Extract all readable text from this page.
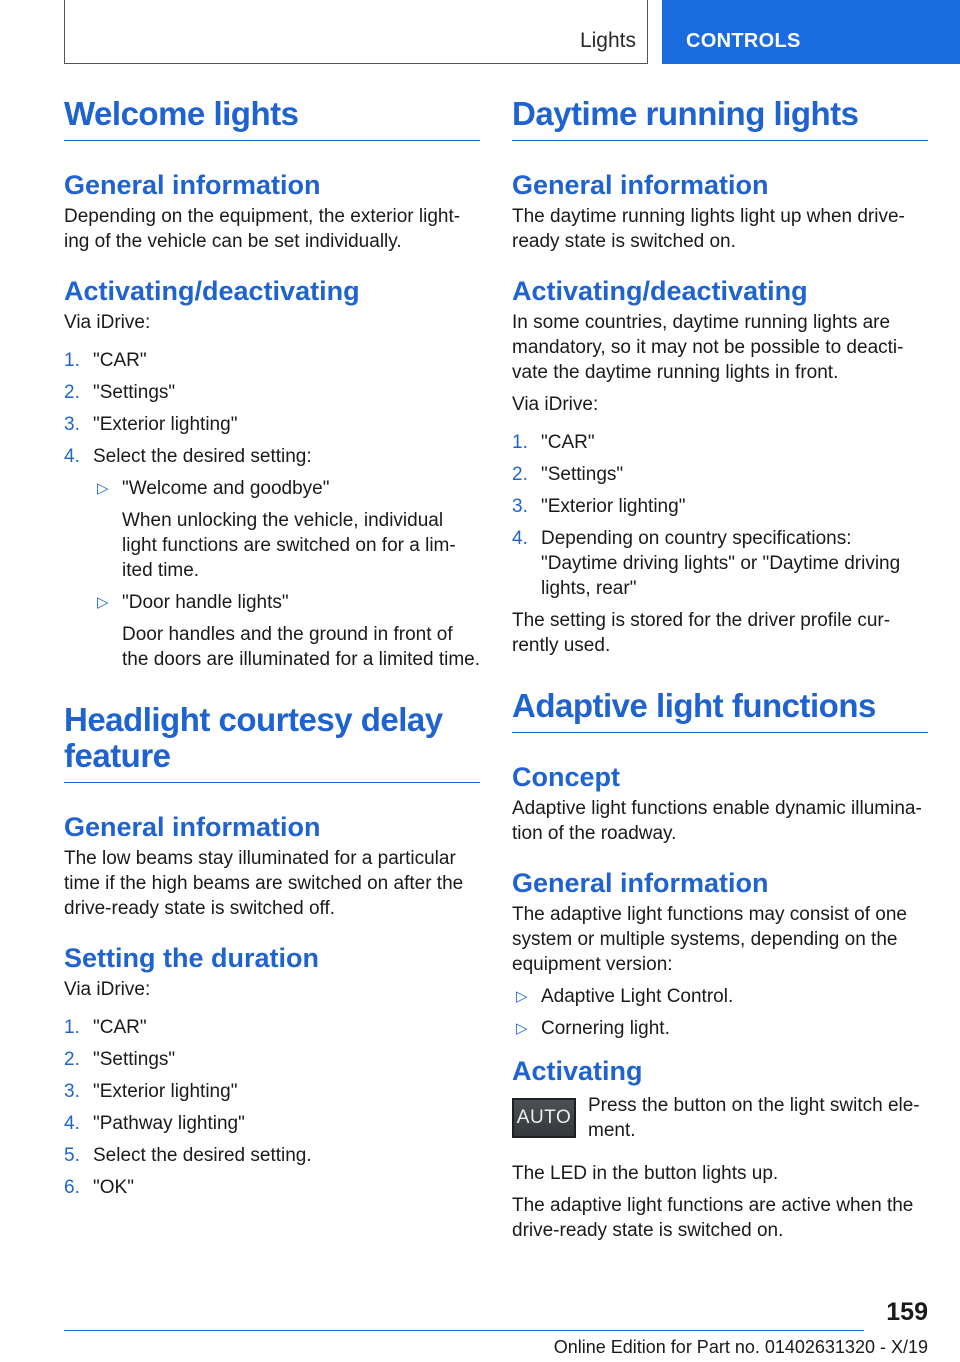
Lights	CONTROLS
Welcome lights
General information

Depending on the equipment, the exterior light‐ing of the vehicle can be set individually.

Activating/deactivating

Via iDrive:

1. "CAR"
2. "Settings"
3. "Exterior lighting"
4. Select the desired setting:
▷ "Welcome and goodbye"
When unlocking the vehicle, individual light functions are switched on for a lim‐ited time.
▷ "Door handle lights"
Door handles and the ground in front of the doors are illuminated for a limited time.
Headlight courtesy delay feature
General information

The low beams stay illuminated for a particular time if the high beams are switched on after the drive-ready state is switched off.

Setting the duration

Via iDrive:

1. "CAR"
2. "Settings"
3. "Exterior lighting"
4. "Pathway lighting"
5. Select the desired setting.
6. "OK"
Daytime running lights
General information

The daytime running lights light up when drive-ready state is switched on.

Activating/deactivating

In some countries, daytime running lights are mandatory, so it may not be possible to deacti‐vate the daytime running lights in front.

Via iDrive:

1. "CAR"
2. "Settings"
3. "Exterior lighting"
4. Depending on country specifications: "Daytime driving lights" or "Daytime driving lights, rear"

The setting is stored for the driver profile cur‐rently used.

Adaptive light functions
Concept

Adaptive light functions enable dynamic illumina‐tion of the roadway.

General information

The adaptive light functions may consist of one system or multiple systems, depending on the equipment version:

▷ Adaptive Light Control.
▷ Cornering light.
Activating
AUTO

Press the button on the light switch ele‐ment.

The LED in the button lights up.

The adaptive light functions are active when the drive-ready state is switched on.

159
Online Edition for Part no. 01402631320 - X/19
